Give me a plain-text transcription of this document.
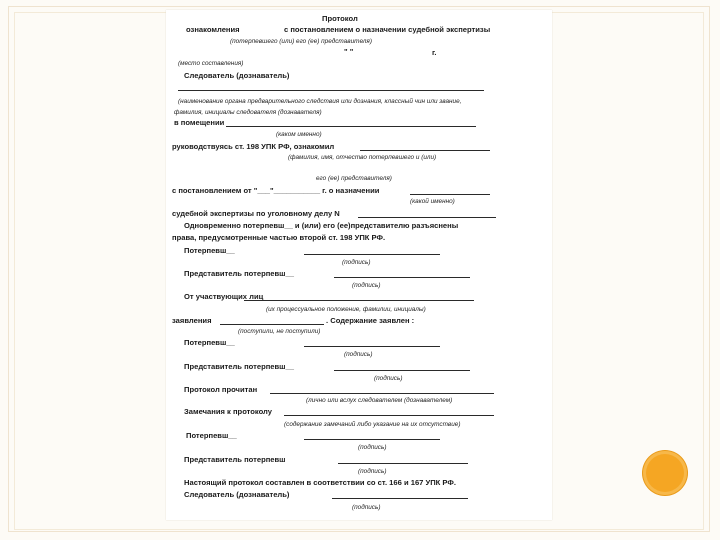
Протокол
ознакомления	с постановлением о назначении судебной экспертизы
(потерпевшего (или) его (ее) представителя)
" "	г.
(место составления)
Следователь (дознаватель)
(наименование органа предварительного следствия или дознания, классный чин или звание,
фамилия, инициалы следователя (дознавателя)
в помещении
(каком именно)
руководствуясь ст. 198 УПК РФ, ознакомил
(фамилия, имя, отчество потерпевшего и (или)
его (ее) представителя)
с постановлением от "___"___________ г. о назначении
(какой именно)
судебной экспертизы по уголовному делу N
Одновременно потерпевш__ и (или) его (ее)представителю разъяснены
права, предусмотренные частью второй ст. 198 УПК РФ.
Потерпевш__
(подпись)
Представитель потерпевш__
(подпись)
От участвующих лиц
(их процессуальное положение, фамилии, инициалы)
заявления	. Содержание заявлен :
(поступили, не поступили)
Потерпевш__
(подпись)
Представитель потерпевш__
(подпись)
Протокол прочитан
(лично или вслух следователем (дознавателем)
Замечания к протоколу
(содержание замечаний либо указание на их отсутствие)
Потерпевш__
(подпись)
Представитель потерпевш
(подпись)
Настоящий протокол составлен в соответствии со ст. 166 и 167 УПК РФ.
Следователь (дознаватель)
(подпись)
